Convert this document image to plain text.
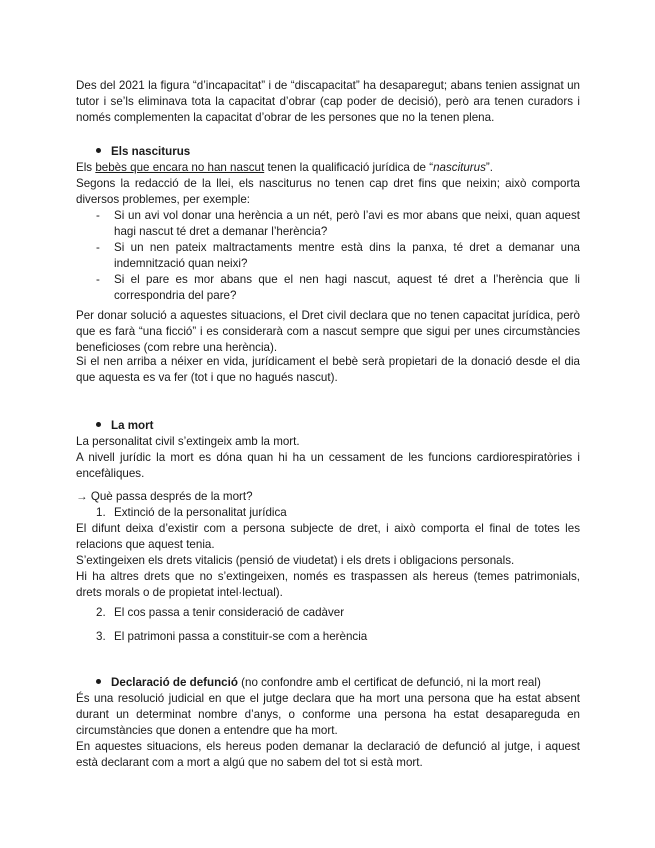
Des del 2021 la figura “d’incapacitat” i de “discapacitat” ha desaparegut; abans tenien assignat un tutor i se’ls eliminava tota la capacitat d’obrar (cap poder de decisió), però ara tenen curadors i només complementen la capacitat d’obrar de les persones que no la tenen plena.
Els nasciturus
Els bebès que encara no han nascut tenen la qualificació jurídica de “nasciturus”.
Segons la redacció de la llei, els nasciturus no tenen cap dret fins que neixin; això comporta diversos problemes, per exemple:
- Si un avi vol donar una herència a un nét, però l’avi es mor abans que neixi, quan aquest hagi nascut té dret a demanar l’herència?
- Si un nen pateix maltractaments mentre està dins la panxa, té dret a demanar una indemnització quan neixi?
- Si el pare es mor abans que el nen hagi nascut, aquest té dret a l’herència que li correspondria del pare?
Per donar solució a aquestes situacions, el Dret civil declara que no tenen capacitat jurídica, però que es farà “una ficció” i es considerarà com a nascut sempre que sigui per unes circumstàncies beneficioses (com rebre una herència).
Si el nen arriba a néixer en vida, jurídicament el bebè serà propietari de la donació desde el dia que aquesta es va fer (tot i que no hagués nascut).
La mort
La personalitat civil s’extingeix amb la mort.
A nivell jurídic la mort es dóna quan hi ha un cessament de les funcions cardiorespiratòries i encefàliques.
→ Què passa després de la mort?
1. Extinció de la personalitat jurídica
El difunt deixa d’existir com a persona subjecte de dret, i això comporta el final de totes les relacions que aquest tenia.
S’extingeixen els drets vitalicis (pensió de viudetat) i els drets i obligacions personals.
Hi ha altres drets que no s’extingeixen, només es traspassen als hereus (temes patrimonials, drets morals o de propietat intel·lectual).
2. El cos passa a tenir consideració de cadàver
3. El patrimoni passa a constituir-se com a herència
Declaració de defunció (no confondre amb el certificat de defunció, ni la mort real)
És una resolució judicial en que el jutge declara que ha mort una persona que ha estat absent durant un determinat nombre d’anys, o conforme una persona ha estat desapareguda en circumstàncies que donen a entendre que ha mort.
En aquestes situacions, els hereus poden demanar la declaració de defunció al jutge, i aquest està declarant com a mort a algú que no sabem del tot si està mort.
